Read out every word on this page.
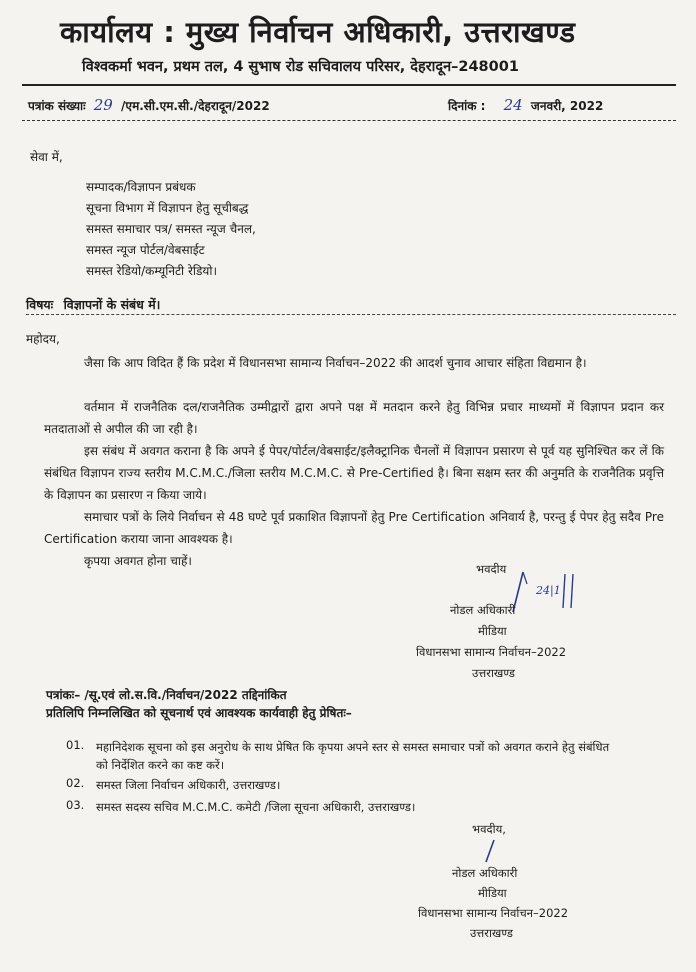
कार्यालय : मुख्य निर्वाचन अधिकारी, उत्तराखण्ड
विश्वकर्मा भवन, प्रथम तल, 4 सुभाष रोड सचिवालय परिसर, देहरादून–248001
पत्रांक संख्याः 29 /एम.सी.एम.सी./देहरादून/2022	दिनांक : 24 जनवरी, 2022
सेवा में,
सम्पादक/विज्ञापन प्रबंधक
सूचना विभाग में विज्ञापन हेतु सूचीबद्ध
समस्त समाचार पत्र/ समस्त न्यूज चैनल,
समस्त न्यूज पोर्टल/वेबसाईट
समस्त रेडियो/कम्यूनिटी रेडियो।
विषयः विज्ञापनों के संबंध में।
महोदय,
जैसा कि आप विदित हैं कि प्रदेश में विधानसभा सामान्य निर्वाचन–2022 की आदर्श चुनाव आचार संहिता विद्यमान है।
वर्तमान में राजनैतिक दल/राजनैतिक उम्मीद्वारों द्वारा अपने पक्ष में मतदान करने हेतु विभिन्न प्रचार माध्यमों में विज्ञापन प्रदान कर मतदाताओं से अपील की जा रही है।
इस संबंध में अवगत कराना है कि अपने ई पेपर/पोर्टल/वेबसाईट/इलैक्ट्रानिक चैनलों में विज्ञापन प्रसारण से पूर्व यह सुनिश्चित कर लें कि संबंधित विज्ञापन राज्य स्तरीय M.C.M.C./जिला स्तरीय M.C.M.C. से Pre-Certified है। बिना सक्षम स्तर की अनुमति के राजनैतिक प्रवृत्ति के विज्ञापन का प्रसारण न किया जाये।
समाचार पत्रों के लिये निर्वाचन से 48 घण्टे पूर्व प्रकाशित विज्ञापनों हेतु Pre Certification अनिवार्य है, परन्तु ई पेपर हेतु सदैव Pre Certification कराया जाना आवश्यक है।
कृपया अवगत होना चाहें।
भवदीय
24|1
नोडल अधिकारी
मीडिया
विधानसभा सामान्य निर्वाचन–2022
उत्तराखण्ड
पत्रांकः– /सू.एवं लो.स.वि./निर्वाचन/2022 तद्दिनांकित
प्रतिलिपि निम्नलिखित को सूचनार्थ एवं आवश्यक कार्यवाही हेतु प्रेषितः–
01. महानिदेशक सूचना को इस अनुरोध के साथ प्रेषित कि कृपया अपने स्तर से समस्त समाचार पत्रों को अवगत कराने हेतु संबंधित को निर्देशित करने का कष्ट करें।
02. समस्त जिला निर्वाचन अधिकारी, उत्तराखण्ड।
03. समस्त सदस्य सचिव M.C.M.C. कमेटी /जिला सूचना अधिकारी, उत्तराखण्ड।
भवदीय,
नोडल अधिकारी
मीडिया
विधानसभा सामान्य निर्वाचन–2022
उत्तराखण्ड
